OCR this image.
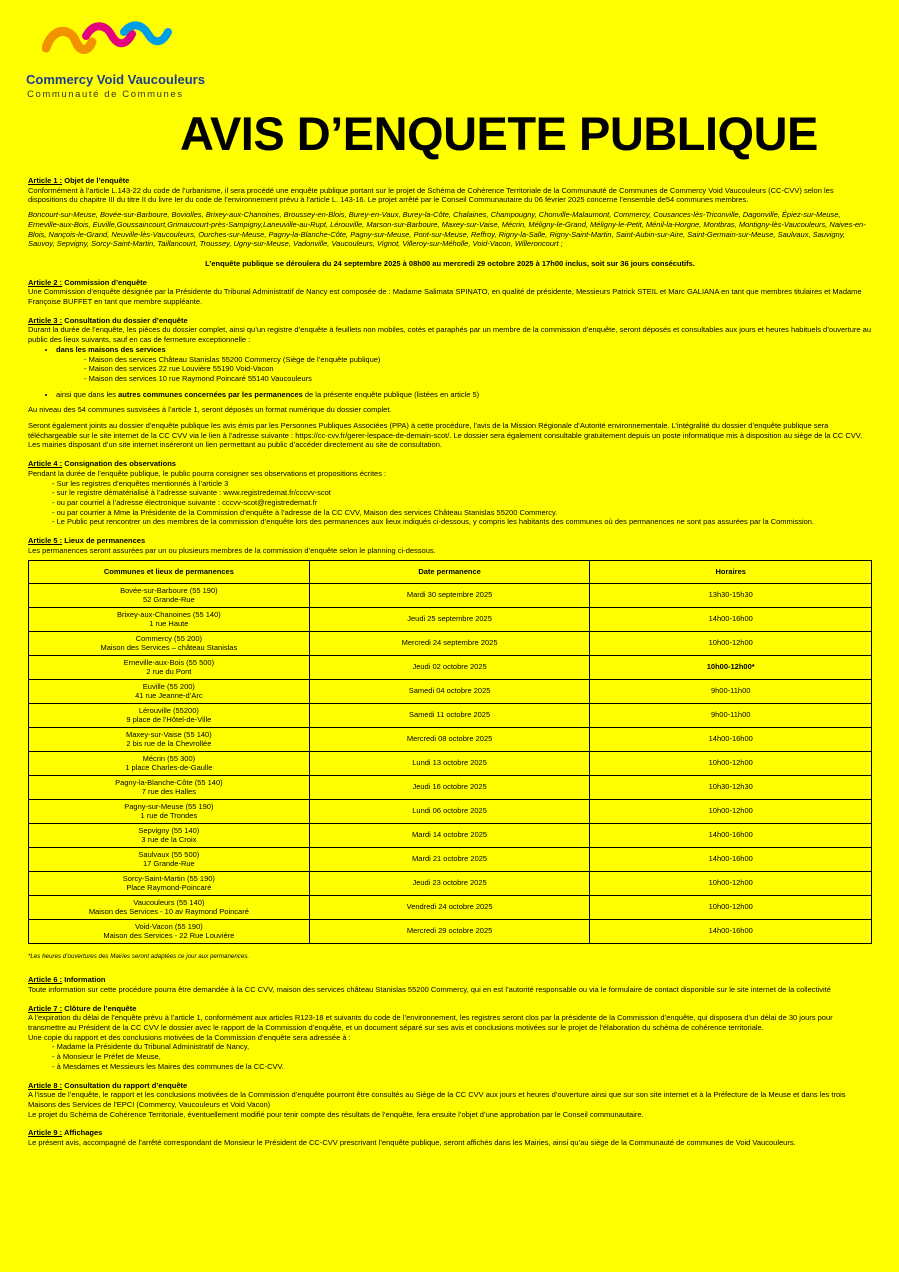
Commercy Void Vaucouleurs
Communauté de Communes
AVIS D’ENQUETE PUBLIQUE
Article 1 : Objet de l’enquête

Conformément à l’article L.143-22 du code de l’urbanisme, il sera procédé une enquête publique portant sur le projet de Schéma de Cohérence Territoriale de la Communauté de Communes de Commercy Void Vaucouleurs (CC-CVV) selon les dispositions du chapitre III du titre II du livre Ier du code de l’environnement prévu à l’article L. 143-16. Le projet arrêté par le Conseil Communautaire du 06 février 2025 concerne l’ensemble de54 communes membres.

Boncourt-sur-Meuse, Bovée-sur-Barboure, Boviolles, Brixey-aux-Chanoines, Broussey-en-Blois, Burey-en-Vaux, Burey-la-Côte, Chalaines, Champougny, Chonville-Malaumont, Commercy, Cousances-lès-Triconville, Dagonville, Épiez-sur-Meuse, Erneville-aux-Bois, Euville,Goussaincourt,Grimaucourt-près-Sampigny,Laneuville-au-Rupt, Lérouville, Marson-sur-Barboure, Maxey-sur-Vaise, Mécrin, Méligny-le-Grand, Méligny-le-Petit, Ménil-la-Horgne, Montbras, Montigny-lès-Vaucouleurs, Naives-en-Blois, Nançois-le-Grand, Neuville-lès-Vaucouleurs, Ourches-sur-Meuse, Pagny-la-Blanche-Côte, Pagny-sur-Meuse, Pont-sur-Meuse, Reffroy, Rigny-la-Salle, Rigny-Saint-Martin, Saint-Aubin-sur-Aire, Saint-Germain-sur-Meuse, Saulvaux, Sauvigny, Sauvoy, Sepvigny, Sorcy-Saint-Martin, Taillancourt, Troussey, Ugny-sur-Meuse, Vadonville, Vaucouleurs, Vignot, Villeroy-sur-Méholle, Void-Vacon, Willeroncourt ;

L’enquête publique se déroulera du 24 septembre 2025 à 08h00 au mercredi 29 octobre 2025 à 17h00 inclus, soit sur 36 jours consécutifs.

Article 2 : Commission d’enquête

Une Commission d’enquête désignée par la Présidente du Tribunal Administratif de Nancy est composée de : Madame Salimata SPINATO, en qualité de présidente, Messieurs Patrick STEIL et Marc GALIANA en tant que membres titulaires et Madame Françoise BUFFET en tant que membre suppléante.

Article 3 : Consultation du dossier d’enquête

Durant la durée de l’enquête, les pièces du dossier complet, ainsi qu’un registre d’enquête à feuillets non mobiles, cotés et paraphés par un membre de la commission d’enquête, seront déposés et consultables aux jours et heures habituels d’ouverture au public des lieux suivants, sauf en cas de fermeture exceptionnelle :

• dans les maisons des services
- Maison des services Château Stanislas 55200 Commercy (Siège de l’enquête publique)
- Maison des services 22 rue Louvière 55190 Void-Vacon
- Maison des services 10 rue Raymond Poincaré 55140 Vaucouleurs
• ainsi que dans les autres communes concernées par les permanences de la présente enquête publique (listées en article 5)

Au niveau des 54 communes susvisées à l’article 1, seront déposés un format numérique du dossier complet.

Seront également joints au dossier d’enquête publique les avis émis par les Personnes Publiques Associées (PPA) à cette procédure, l’avis de la Mission Régionale d’Autorité environnementale. L’intégralité du dossier d’enquête publique sera téléchargeable sur le site internet de la CC CVV via le lien à l’adresse suivante : https://cc-cvv.fr/gerer-lespace-de-demain-scot/. Le dossier sera également consultable gratuitement depuis un poste informatique mis à disposition au siège de la CC CVV. Les mairies disposant d’un site internet inséreront un lien permettant au public d’accéder directement au site de consultation.

Article 4 : Consignation des observations

Pendant la durée de l’enquête publique, le public pourra consigner ses observations et propositions écrites :

- Sur les registres d’enquêtes mentionnés à l’article 3
- sur le registre dématérialisé à l’adresse suivante : www.registredemat.fr/cccvv-scot
- ou par courriel à l’adresse électronique suivante : cccvv-scot@registredemat.fr
- ou par courrier à Mme la Présidente de la Commission d’enquête à l’adresse de la CC CVV, Maison des services Château Stanislas 55200 Commercy.
- Le Public peut rencontrer un des membres de la commission d’enquête lors des permanences aux lieux indiqués ci-dessous, y compris les habitants des communes où des permanences ne sont pas assurées par la Commission.
Article 5 : Lieux de permanences

Les permanences seront assurées par un ou plusieurs membres de la commission d’enquête selon le planning ci-dessous.

Communes et lieux de permanences	Date permanence	Horaires

Bovée-sur-Barboure (55 190)
52 Grande-Rue	Mardi 30 septembre 2025	13h30-15h30

Brixey-aux-Chanoines (55 140)
1 rue Haute	Jeudi 25 septembre 2025	14h00-16h00

Commercy (55 200)
Maison des Services – château Stanislas	Mercredi 24 septembre 2025	10h00-12h00

Erneville-aux-Bois (55 500)
2 rue du Pont	Jeudi 02 octobre 2025	10h00-12h00*

Euville (55 200)
41 rue Jeanne-d’Arc	Samedi 04 octobre 2025	9h00-11h00

Lérouville (55200)
9 place de l’Hôtel-de-Ville	Samedi 11 octobre 2025	9h00-11h00

Maxey-sur-Vaise (55 140)
2 bis rue de la Chevrollée	Mercredi 08 octobre 2025	14h00-16h00

Mécrin (55 300)
1 place Charles-de-Gaulle	Lundi 13 octobre 2025	10h00-12h00

Pagny-la-Blanche-Côte (55 140)
7 rue des Halles	Jeudi 16 octobre 2025	10h30-12h30

Pagny-sur-Meuse (55 190)
1 rue de Trondes	Lundi 06 octobre 2025	10h00-12h00

Sepvigny (55 140)
3 rue de la Croix	Mardi 14 octobre 2025	14h00-16h00

Saulvaux (55 500)
17 Grande-Rue	Mardi 21 octobre 2025	14h00-16h00

Sorcy-Saint-Martin (55 190)
Place Raymond-Poincaré	Jeudi 23 octobre 2025	10h00-12h00

Vaucouleurs (55 140)
Maison des Services - 10 av Raymond Poincaré	Vendredi 24 octobre 2025	10h00-12h00

Void-Vacon (55 190)
Maison des Services - 22 Rue Louvière	Mercredi 29 octobre 2025	14h00-16h00
*Les heures d’ouvertures des Mairies seront adaptées ce jour aux permanences.
Article 6 : Information

Toute information sur cette procédure pourra être demandée à la CC CVV, maison des services château Stanislas 55200 Commercy, qui en est l’autorité responsable ou via le formulaire de contact disponible sur le site internet de la collectivité

Article 7 : Clôture de l’enquête

A l’expiration du délai de l’enquête prévu à l’article 1, conformément aux articles R123-18 et suivants du code de l’environnement, les registres seront clos par la présidente de la Commission d’enquête, qui disposera d’un délai de 30 jours pour transmettre au Président de la CC CVV le dossier avec le rapport de la Commission d’enquête, et un document séparé sur ses avis et conclusions motivées sur le projet de l’élaboration du schéma de cohérence territoriale.

Une copie du rapport et des conclusions motivées de la Commission d’enquête sera adressée à :

- Madame la Présidente du Tribunal Administratif de Nancy,
- à Monsieur le Préfet de Meuse,
- à Mesdames et Messieurs les Maires des communes de la CC-CVV.
Article 8 : Consultation du rapport d’enquête

A l’issue de l’enquête, le rapport et les conclusions motivées de la Commission d’enquête pourront être consultés au Siège de la CC CVV aux jours et heures d’ouverture ainsi que sur son site internet et à la Préfecture de la Meuse et dans les trois Maisons des Services de l’EPCI (Commercy, Vaucouleurs et Void Vacon)

Le projet du Schéma de Cohérence Territoriale, éventuellement modifié pour tenir compte des résultats de l’enquête, fera ensuite l’objet d’une approbation par le Conseil communautaire.

Article 9 : Affichages

Le présent avis, accompagné de l’arrêté correspondant de Monsieur le Président de CC-CVV prescrivant l’enquête publique, seront affichés dans les Mairies, ainsi qu’au siège de la Communauté de communes de Void Vaucouleurs.
